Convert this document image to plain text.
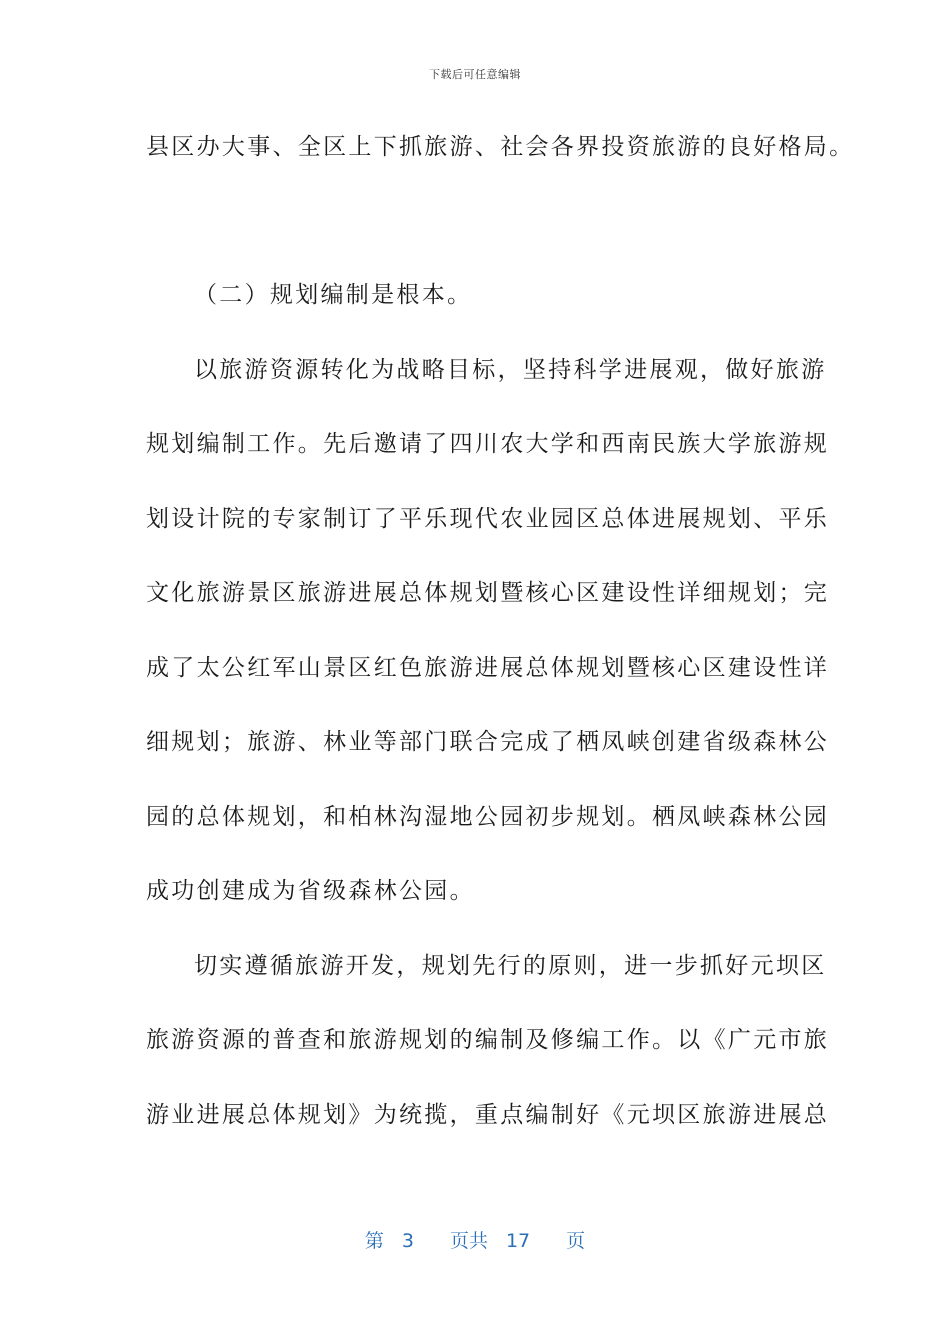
下载后可任意编辑
县区办大事、全区上下抓旅游、社会各界投资旅游的良好格局。
（二）规划编制是根本。
以旅游资源转化为战略目标，坚持科学进展观，做好旅游
规划编制工作。先后邀请了四川农大学和西南民族大学旅游规
划设计院的专家制订了平乐现代农业园区总体进展规划、平乐
文化旅游景区旅游进展总体规划暨核心区建设性详细规划；完
成了太公红军山景区红色旅游进展总体规划暨核心区建设性详
细规划；旅游、林业等部门联合完成了栖凤峡创建省级森林公
园的总体规划，和柏林沟湿地公园初步规划。栖凤峡森林公园
成功创建成为省级森林公园。
切实遵循旅游开发，规划先行的原则，进一步抓好元坝区
旅游资源的普查和旅游规划的编制及修编工作。以《广元市旅
游业进展总体规划》为统揽，重点编制好《元坝区旅游进展总
第 3 页共 17 页
